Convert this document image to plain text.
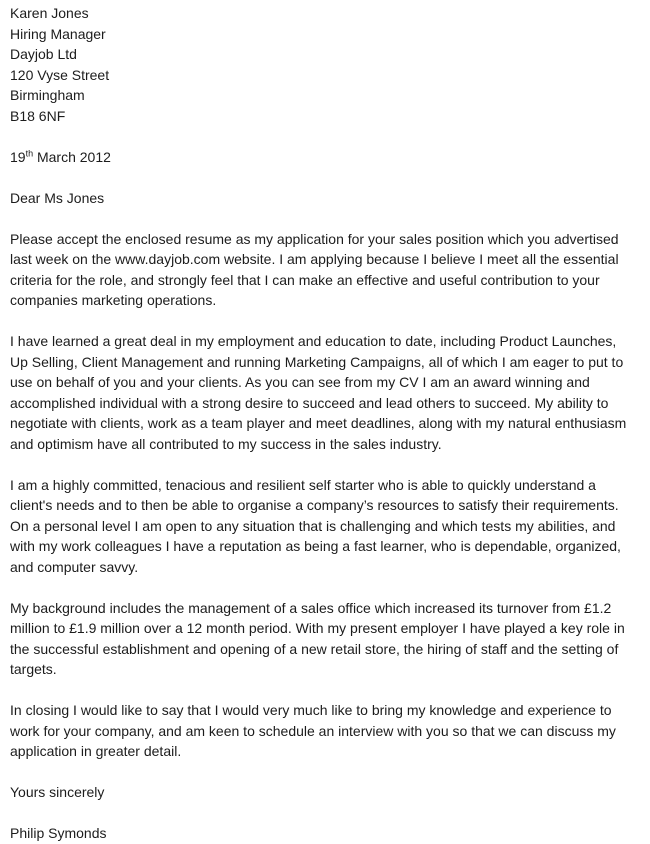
Karen Jones
Hiring Manager
Dayjob Ltd
120 Vyse Street
Birmingham
B18 6NF
19th March 2012

Dear Ms Jones

Please accept the enclosed resume as my application for your sales position which you advertised last week on the www.dayjob.com website. I am applying because I believe I meet all the essential criteria for the role, and strongly feel that I can make an effective and useful contribution to your companies marketing operations.

I have learned a great deal in my employment and education to date, including Product Launches, Up Selling, Client Management and running Marketing Campaigns, all of which I am eager to put to use on behalf of you and your clients. As you can see from my CV I am an award winning and accomplished individual with a strong desire to succeed and lead others to succeed. My ability to negotiate with clients, work as a team player and meet deadlines, along with my natural enthusiasm and optimism have all contributed to my success in the sales industry.

I am a highly committed, tenacious and resilient self starter who is able to quickly understand a client's needs and to then be able to organise a company’s resources to satisfy their requirements. On a personal level I am open to any situation that is challenging and which tests my abilities, and with my work colleagues I have a reputation as being a fast learner, who is dependable, organized, and computer savvy.

My background includes the management of a sales office which increased its turnover from £1.2 million to £1.9 million over a 12 month period. With my present employer I have played a key role in the successful establishment and opening of a new retail store, the hiring of staff and the setting of targets.

In closing I would like to say that I would very much like to bring my knowledge and experience to work for your company, and am keen to schedule an interview with you so that we can discuss my application in greater detail.

Yours sincerely

Philip Symonds
